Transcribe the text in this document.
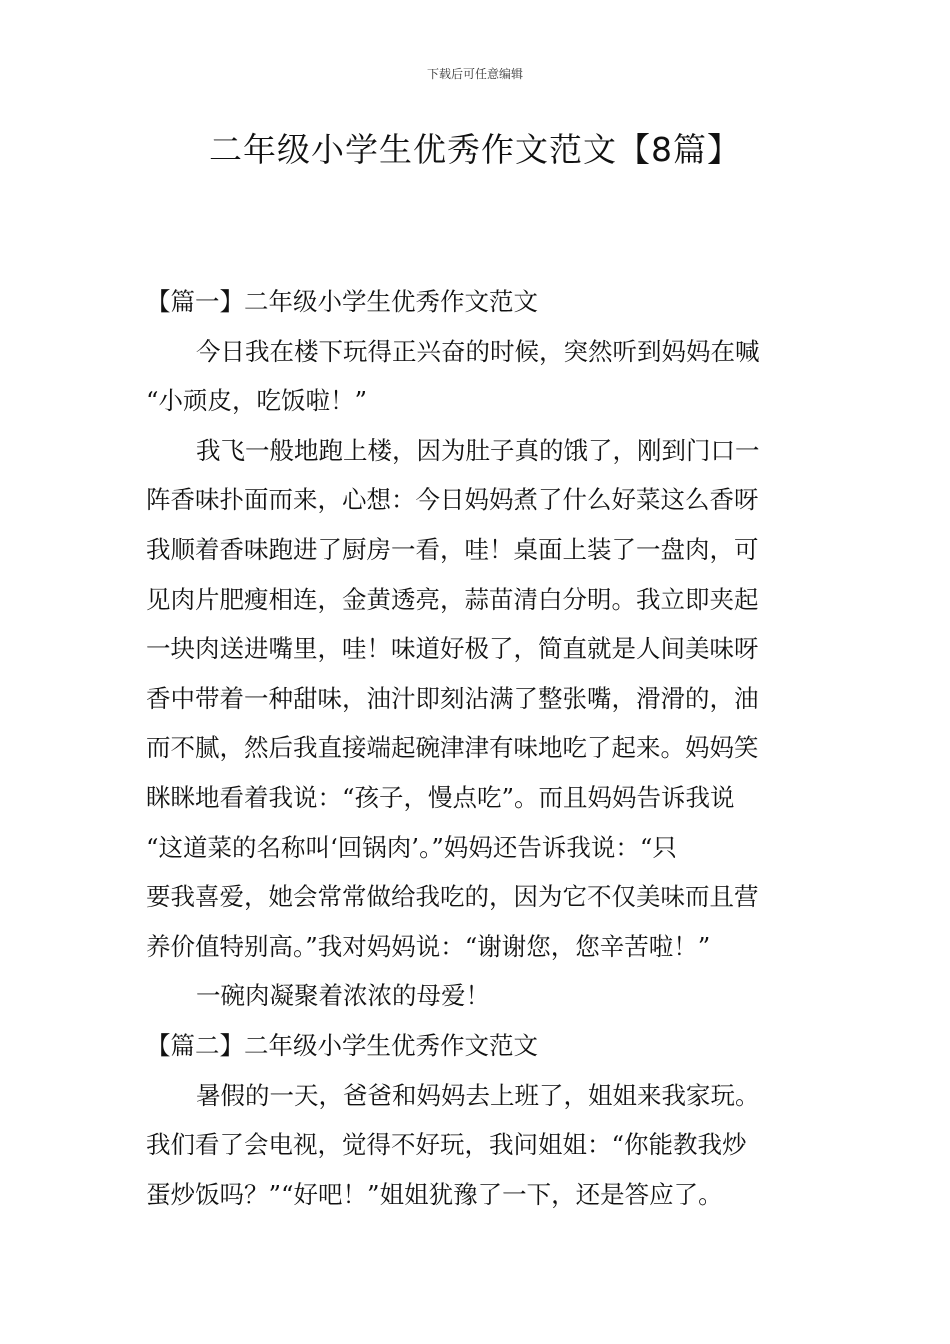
下载后可任意编辑
二年级小学生优秀作文范文【8篇】
【篇一】二年级小学生优秀作文范文
今日我在楼下玩得正兴奋的时候，突然听到妈妈在喊
“小顽皮，吃饭啦！”
我飞一般地跑上楼，因为肚子真的饿了，刚到门口一
阵香味扑面而来，心想：今日妈妈煮了什么好菜这么香呀
我顺着香味跑进了厨房一看，哇！桌面上装了一盘肉，可
见肉片肥瘦相连，金黄透亮，蒜苗清白分明。我立即夹起
一块肉送进嘴里，哇！味道好极了，简直就是人间美味呀
香中带着一种甜味，油汁即刻沾满了整张嘴，滑滑的，油
而不腻，然后我直接端起碗津津有味地吃了起来。妈妈笑
眯眯地看着我说：“孩子，慢点吃”。而且妈妈告诉我说
“这道菜的名称叫‘回锅肉’。”妈妈还告诉我说：“只
要我喜爱，她会常常做给我吃的，因为它不仅美味而且营
养价值特别高。”我对妈妈说：“谢谢您，您辛苦啦！”
一碗肉凝聚着浓浓的母爱！
【篇二】二年级小学生优秀作文范文
暑假的一天，爸爸和妈妈去上班了，姐姐来我家玩。
我们看了会电视，觉得不好玩，我问姐姐：“你能教我炒
蛋炒饭吗？”“好吧！”姐姐犹豫了一下，还是答应了。
